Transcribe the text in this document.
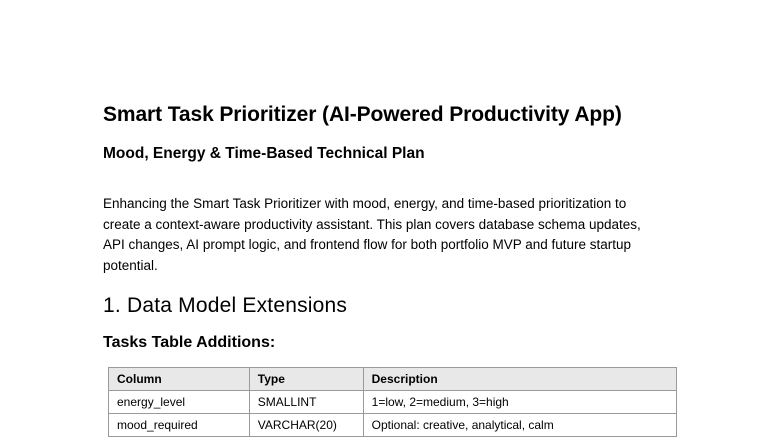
Smart Task Prioritizer (AI-Powered Productivity App)
Mood, Energy & Time-Based Technical Plan

Enhancing the Smart Task Prioritizer with mood, energy, and time-based prioritization to
create a context-aware productivity assistant. This plan covers database schema updates,
API changes, AI prompt logic, and frontend flow for both portfolio MVP and future startup
potential.

1. Data Model Extensions
Tasks Table Additions:
Column	Type	Description
energy_level	SMALLINT	1=low, 2=medium, 3=high
mood_required	VARCHAR(20)	Optional: creative, analytical, calm
